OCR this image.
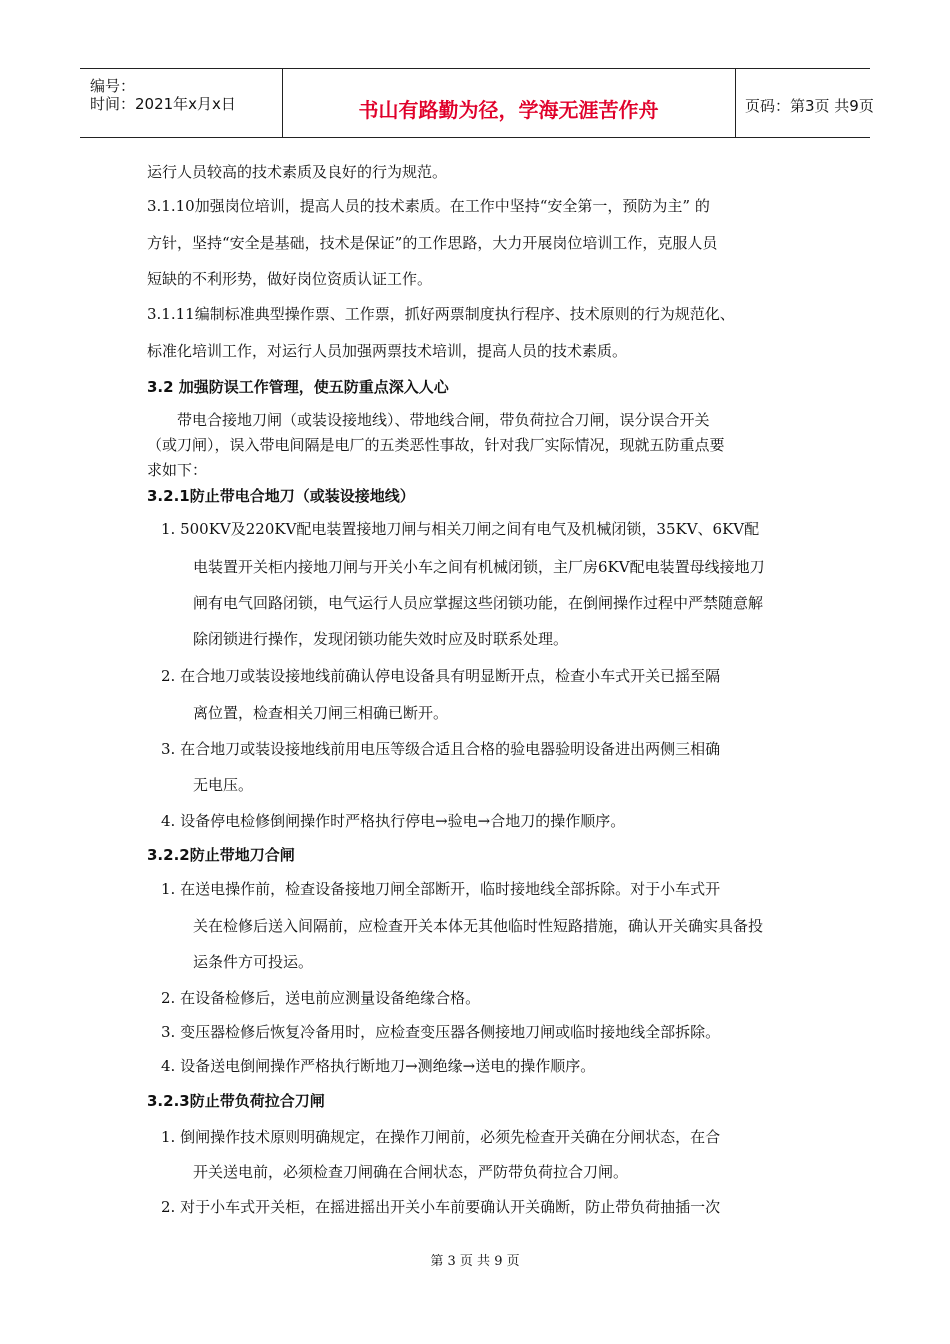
编号：
时间：2021年x月x日	书山有路勤为径，学海无涯苦作舟	页码：第3页 共9页
运行人员较高的技术素质及良好的行为规范。
3.1.10加强岗位培训，提高人员的技术素质。在工作中坚持“安全第一，预防为主” 的
方针，坚持“安全是基础，技术是保证”的工作思路，大力开展岗位培训工作，克服人员
短缺的不利形势，做好岗位资质认证工作。
3.1.11编制标准典型操作票、工作票，抓好两票制度执行程序、技术原则的行为规范化、
标准化培训工作，对运行人员加强两票技术培训，提高人员的技术素质。
3.2 加强防误工作管理，使五防重点深入人心
带电合接地刀闸（或装设接地线）、带地线合闸，带负荷拉合刀闸，误分误合开关
（或刀闸），误入带电间隔是电厂的五类恶性事故，针对我厂实际情况，现就五防重点要
求如下：
3.2.1防止带电合地刀（或装设接地线）
1. 500KV及220KV配电装置接地刀闸与相关刀闸之间有电气及机械闭锁，35KV、6KV配
电装置开关柜内接地刀闸与开关小车之间有机械闭锁，主厂房6KV配电装置母线接地刀
闸有电气回路闭锁，电气运行人员应掌握这些闭锁功能，在倒闸操作过程中严禁随意解
除闭锁进行操作，发现闭锁功能失效时应及时联系处理。
2. 在合地刀或装设接地线前确认停电设备具有明显断开点，检查小车式开关已摇至隔
离位置，检查相关刀闸三相确已断开。
3. 在合地刀或装设接地线前用电压等级合适且合格的验电器验明设备进出两侧三相确
无电压。
4. 设备停电检修倒闸操作时严格执行停电→验电→合地刀的操作顺序。
3.2.2防止带地刀合闸
1. 在送电操作前，检查设备接地刀闸全部断开，临时接地线全部拆除。对于小车式开
关在检修后送入间隔前，应检查开关本体无其他临时性短路措施，确认开关确实具备投
运条件方可投运。
2. 在设备检修后，送电前应测量设备绝缘合格。
3. 变压器检修后恢复冷备用时，应检查变压器各侧接地刀闸或临时接地线全部拆除。
4. 设备送电倒闸操作严格执行断地刀→测绝缘→送电的操作顺序。
3.2.3防止带负荷拉合刀闸
1. 倒闸操作技术原则明确规定，在操作刀闸前，必须先检查开关确在分闸状态，在合
开关送电前，必须检查刀闸确在合闸状态，严防带负荷拉合刀闸。
2. 对于小车式开关柜，在摇进摇出开关小车前要确认开关确断，防止带负荷抽插一次
第 3 页 共 9 页
